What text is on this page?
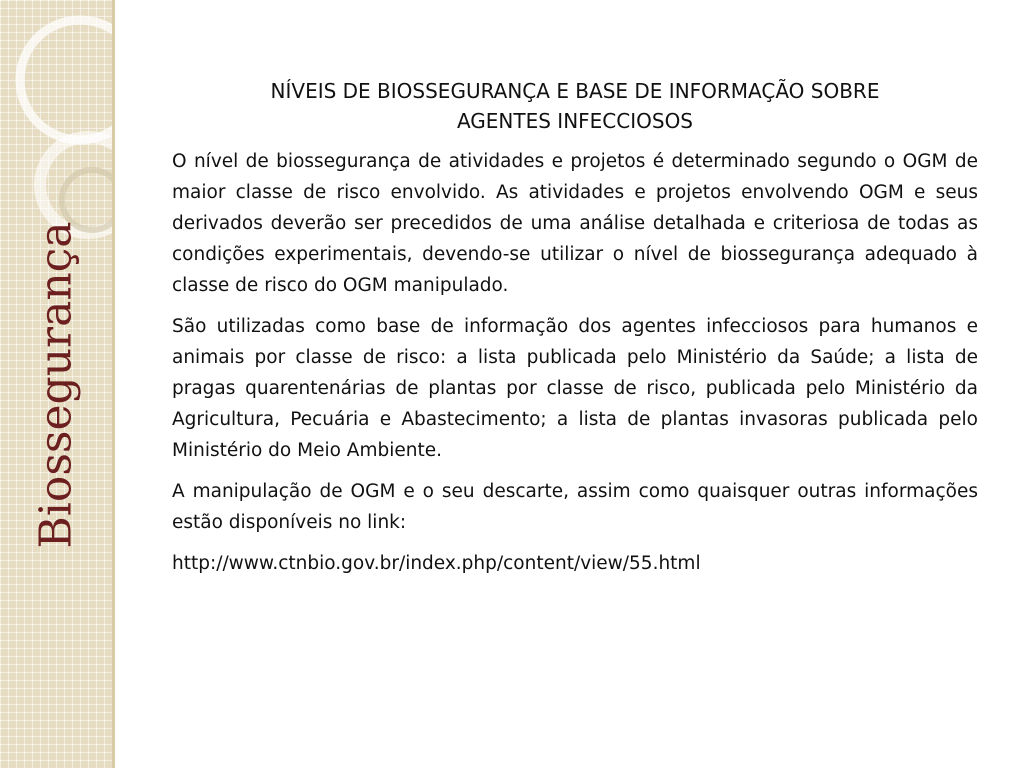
Biossegurança
NÍVEIS DE BIOSSEGURANÇA E BASE DE INFORMAÇÃO SOBRE
AGENTES INFECCIOSOS

O nível de biossegurança de atividades e projetos é determinado segundo o OGM de maior classe de risco envolvido. As atividades e projetos envolvendo OGM e seus derivados deverão ser precedidos de uma análise detalhada e criteriosa de todas as condições experimentais, devendo-se utilizar o nível de biossegurança adequado à classe de risco do OGM manipulado.

São utilizadas como base de informação dos agentes infecciosos para humanos e animais por classe de risco: a lista publicada pelo Ministério da Saúde; a lista de pragas quarentenárias de plantas por classe de risco, publicada pelo Ministério da Agricultura, Pecuária e Abastecimento; a lista de plantas invasoras publicada pelo Ministério do Meio Ambiente.

A manipulação de OGM e o seu descarte, assim como quaisquer outras informações estão disponíveis no link:

http://www.ctnbio.gov.br/index.php/content/view/55.html
